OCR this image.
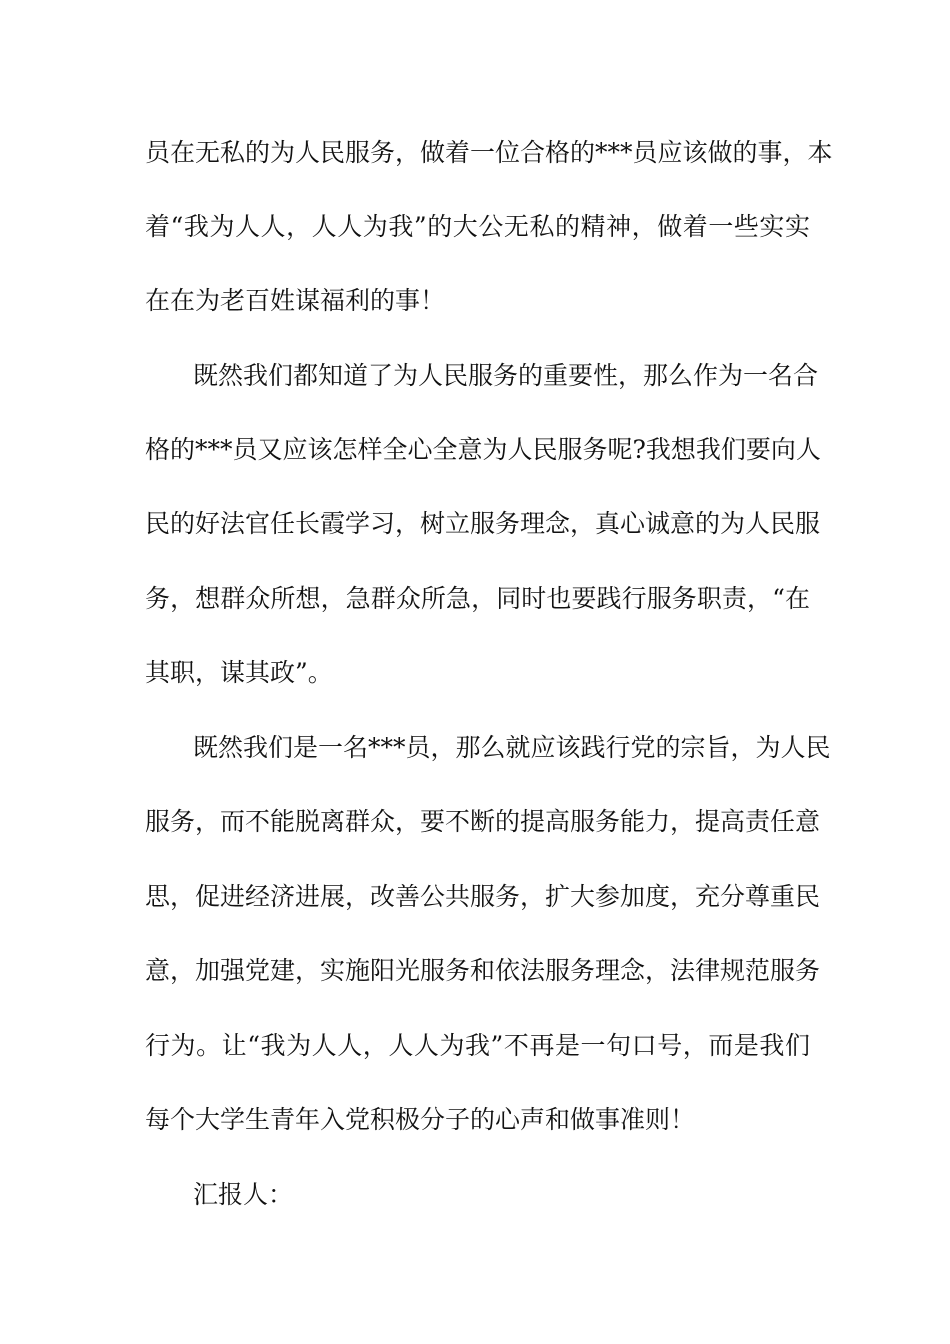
员在无私的为人民服务，做着一位合格的***员应该做的事，本
着“我为人人，人人为我”的大公无私的精神，做着一些实实
在在为老百姓谋福利的事！
既然我们都知道了为人民服务的重要性，那么作为一名合
格的***员又应该怎样全心全意为人民服务呢?我想我们要向人
民的好法官任长霞学习，树立服务理念，真心诚意的为人民服
务，想群众所想，急群众所急，同时也要践行服务职责，“在
其职，谋其政”。
既然我们是一名***员，那么就应该践行党的宗旨，为人民
服务，而不能脱离群众，要不断的提高服务能力，提高责任意
思，促进经济进展，改善公共服务，扩大参加度，充分尊重民
意，加强党建，实施阳光服务和依法服务理念，法律规范服务
行为。让“我为人人，人人为我”不再是一句口号，而是我们
每个大学生青年入党积极分子的心声和做事准则！
汇报人：
